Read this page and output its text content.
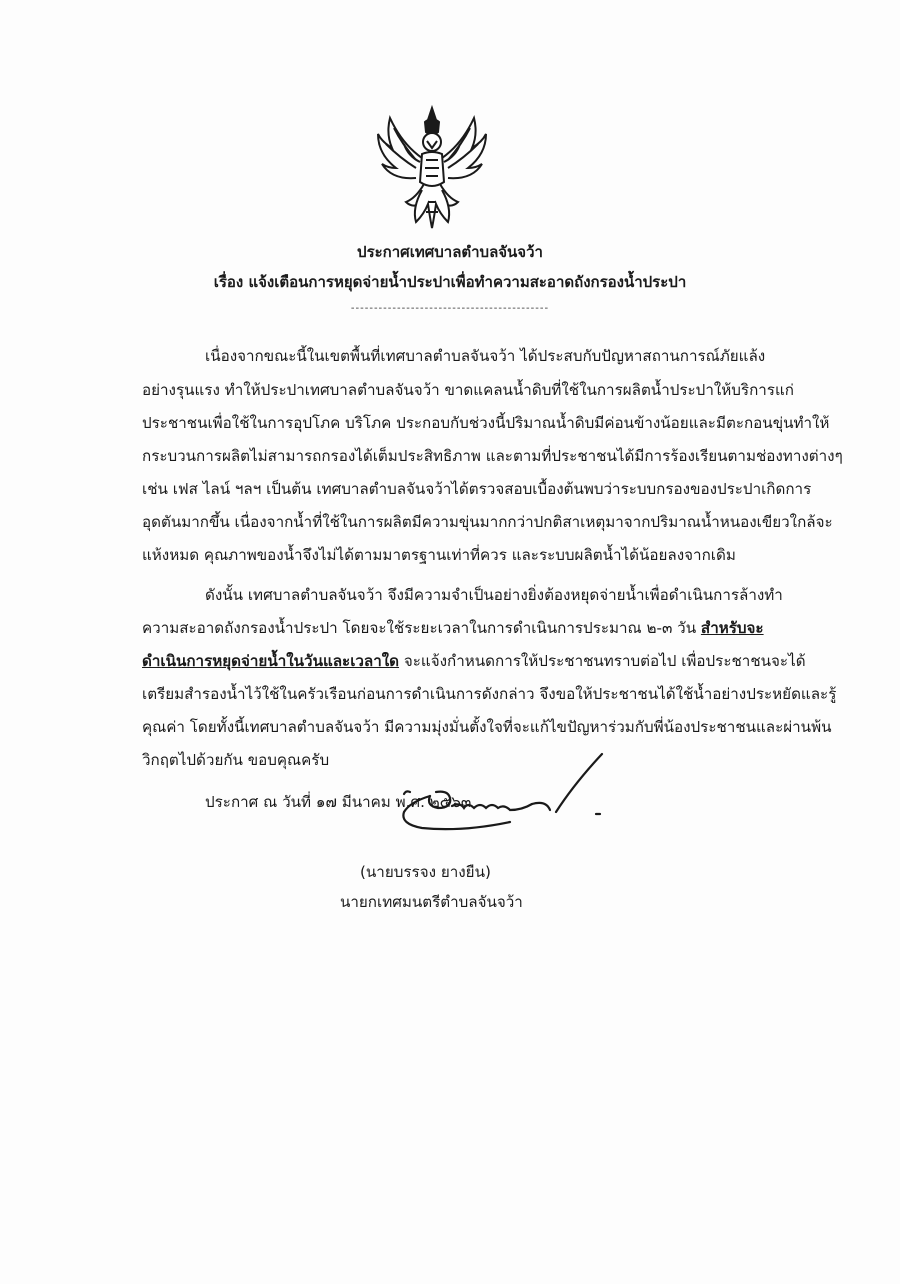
ประกาศเทศบาลตำบลจันจว้า
เรื่อง แจ้งเตือนการหยุดจ่ายน้ำประปาเพื่อทำความสะอาดถังกรองน้ำประปา
-------------------------------------------
เนื่องจากขณะนี้ในเขตพื้นที่เทศบาลตำบลจันจว้า ได้ประสบกับปัญหาสถานการณ์ภัยแล้ง
อย่างรุนแรง ทำให้ประปาเทศบาลตำบลจันจว้า ขาดแคลนน้ำดิบที่ใช้ในการผลิตน้ำประปาให้บริการแก่
ประชาชนเพื่อใช้ในการอุปโภค บริโภค ประกอบกับช่วงนี้ปริมาณน้ำดิบมีค่อนข้างน้อยและมีตะกอนขุ่นทำให้
กระบวนการผลิตไม่สามารถกรองได้เต็มประสิทธิภาพ และตามที่ประชาชนได้มีการร้องเรียนตามช่องทางต่างๆ
เช่น เฟส ไลน์ ฯลฯ เป็นต้น เทศบาลตำบลจันจว้าได้ตรวจสอบเบื้องต้นพบว่าระบบกรองของประปาเกิดการ
อุดตันมากขึ้น เนื่องจากน้ำที่ใช้ในการผลิตมีความขุ่นมากกว่าปกติสาเหตุมาจากปริมาณน้ำหนองเขียวใกล้จะ
แห้งหมด คุณภาพของน้ำจึงไม่ได้ตามมาตรฐานเท่าที่ควร และระบบผลิตน้ำได้น้อยลงจากเดิม
ดังนั้น เทศบาลตำบลจันจว้า จึงมีความจำเป็นอย่างยิ่งต้องหยุดจ่ายน้ำเพื่อดำเนินการล้างทำ
ความสะอาดถังกรองน้ำประปา โดยจะใช้ระยะเวลาในการดำเนินการประมาณ ๒-๓ วัน สำหรับจะ
ดำเนินการหยุดจ่ายน้ำในวันและเวลาใด จะแจ้งกำหนดการให้ประชาชนทราบต่อไป เพื่อประชาชนจะได้
เตรียมสำรองน้ำไว้ใช้ในครัวเรือนก่อนการดำเนินการดังกล่าว จึงขอให้ประชาชนได้ใช้น้ำอย่างประหยัดและรู้
คุณค่า โดยทั้งนี้เทศบาลตำบลจันจว้า มีความมุ่งมั่นตั้งใจที่จะแก้ไขปัญหาร่วมกับพี่น้องประชาชนและผ่านพ้น
วิกฤตไปด้วยกัน ขอบคุณครับ
ประกาศ ณ วันที่ ๑๗ มีนาคม พ.ศ. ๒๕๖๓
(นายบรรจง ยางยืน)
นายกเทศมนตรีตำบลจันจว้า
